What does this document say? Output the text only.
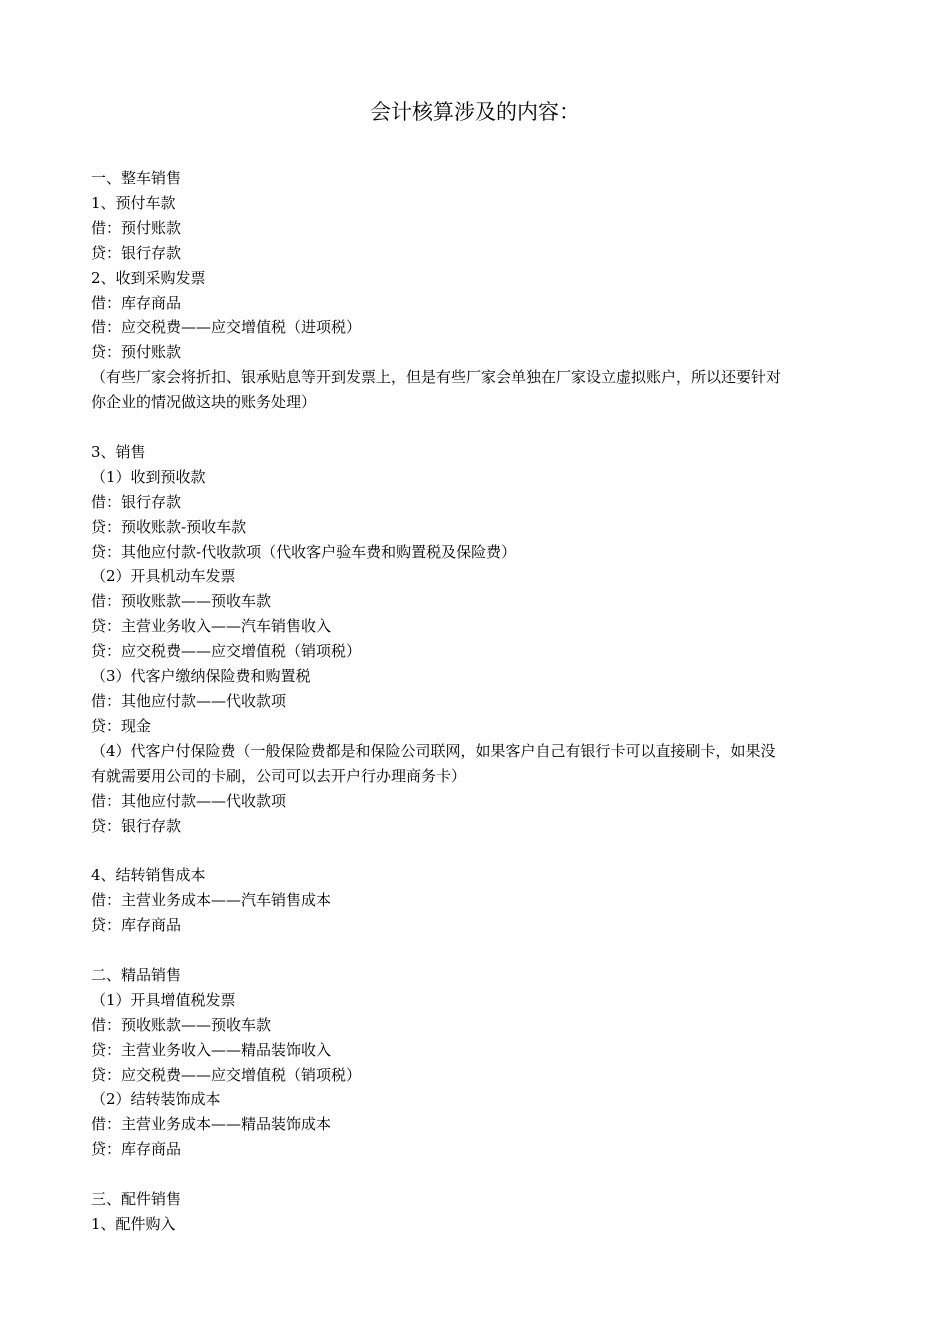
会计核算涉及的内容：
一、整车销售
1、预付车款
借：预付账款
贷：银行存款
2、收到采购发票
借：库存商品
借：应交税费——应交增值税（进项税）
贷：预付账款
（有些厂家会将折扣、银承贴息等开到发票上，但是有些厂家会单独在厂家设立虚拟账户，所以还要针对
你企业的情况做这块的账务处理）
3、销售
（1）收到预收款
借：银行存款
贷：预收账款-预收车款
贷：其他应付款-代收款项（代收客户验车费和购置税及保险费）
（2）开具机动车发票
借：预收账款——预收车款
贷：主营业务收入——汽车销售收入
贷：应交税费——应交增值税（销项税）
（3）代客户缴纳保险费和购置税
借：其他应付款——代收款项
贷：现金
（4）代客户付保险费（一般保险费都是和保险公司联网，如果客户自己有银行卡可以直接刷卡，如果没
有就需要用公司的卡刷，公司可以去开户行办理商务卡）
借：其他应付款——代收款项
贷：银行存款
4、结转销售成本
借：主营业务成本——汽车销售成本
贷：库存商品
二、精品销售
（1）开具增值税发票
借：预收账款——预收车款
贷：主营业务收入——精品装饰收入
贷：应交税费——应交增值税（销项税）
（2）结转装饰成本
借：主营业务成本——精品装饰成本
贷：库存商品
三、配件销售
1、配件购入
